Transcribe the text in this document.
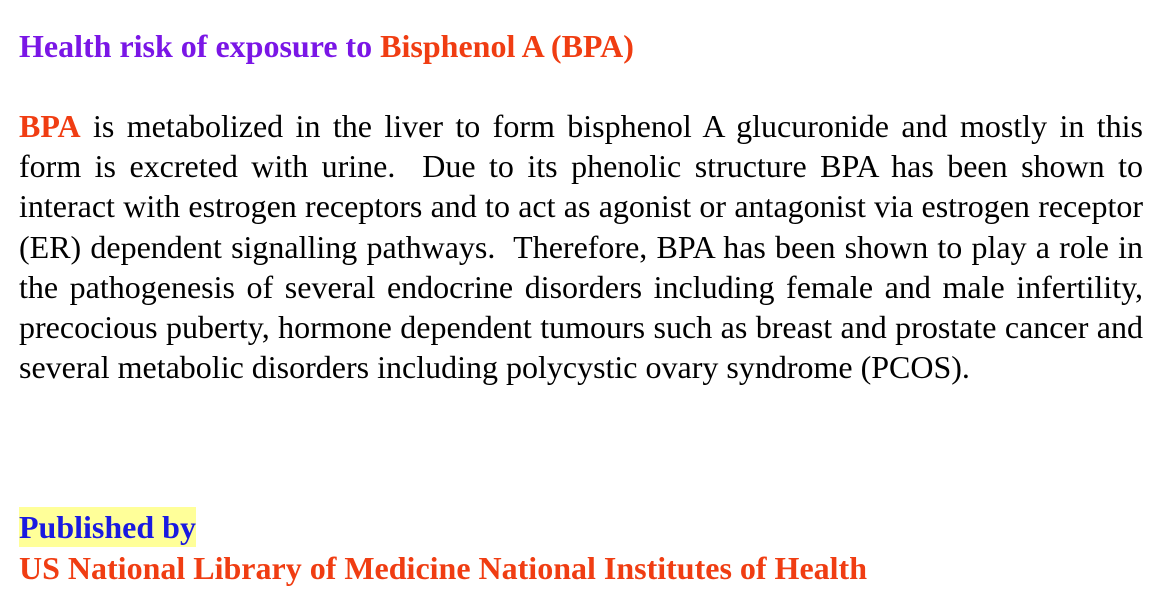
Health risk of exposure to Bisphenol A (BPA)

BPA is metabolized in the liver to form bisphenol A glucuronide and mostly in this form is excreted with urine.  Due to its phenolic structure BPA has been shown to interact with estrogen receptors and to act as agonist or antagonist via estrogen receptor (ER) dependent signalling pathways.  Therefore, BPA has been shown to play a role in the pathogenesis of several endocrine disorders including female and male infertility, precocious puberty, hormone dependent tumours such as breast and prostate cancer and several metabolic disorders including polycystic ovary syndrome (PCOS).

Published by
US National Library of Medicine National Institutes of Health
